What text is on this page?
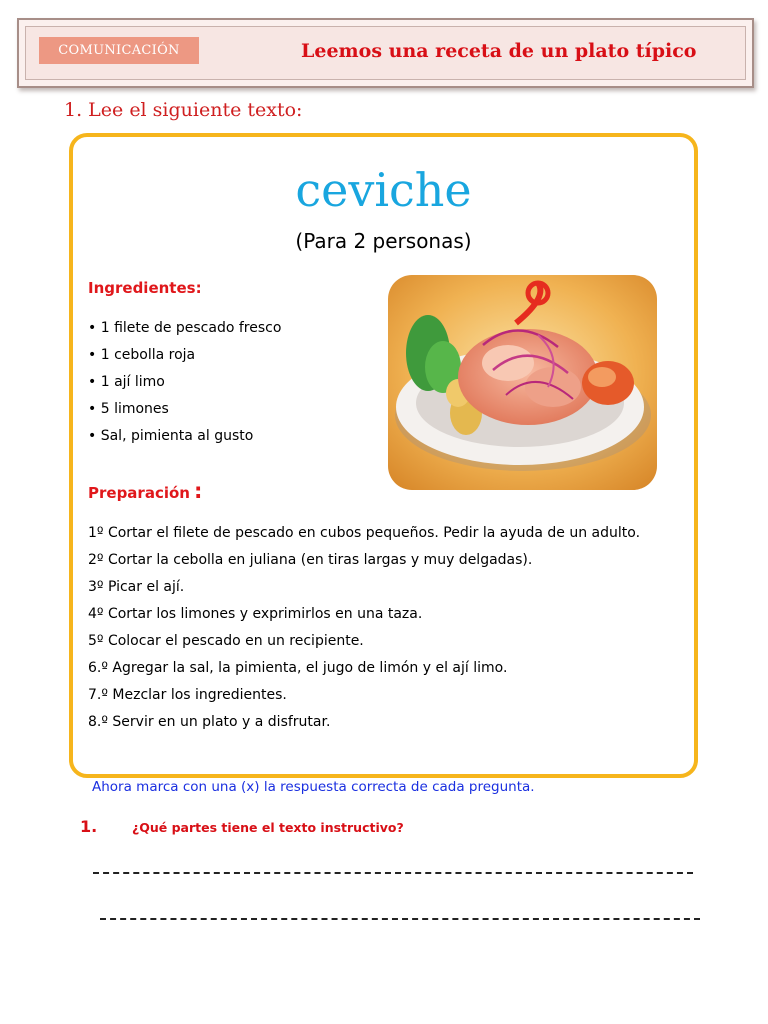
COMUNICACIÓN	Leemos una receta de un plato típico
1. Lee el siguiente texto:
ceviche
(Para 2 personas)
Ingredientes:
• 1 filete de pescado fresco
• 1 cebolla roja
• 1 ají limo
• 5 limones
• Sal, pimienta al gusto
Preparación :
1º Cortar el filete de pescado en cubos pequeños. Pedir la ayuda de un adulto.
2º Cortar la cebolla en juliana (en tiras largas y muy delgadas).
3º Picar el ají.
4º Cortar los limones y exprimirlos en una taza.
5º Colocar el pescado en un recipiente.
6.º Agregar la sal, la pimienta, el jugo de limón y el ají limo.
7.º Mezclar los ingredientes.
8.º Servir en un plato y a disfrutar.
Ahora marca con una (x) la respuesta correcta de cada pregunta.
1.	¿Qué partes tiene el texto instructivo?
